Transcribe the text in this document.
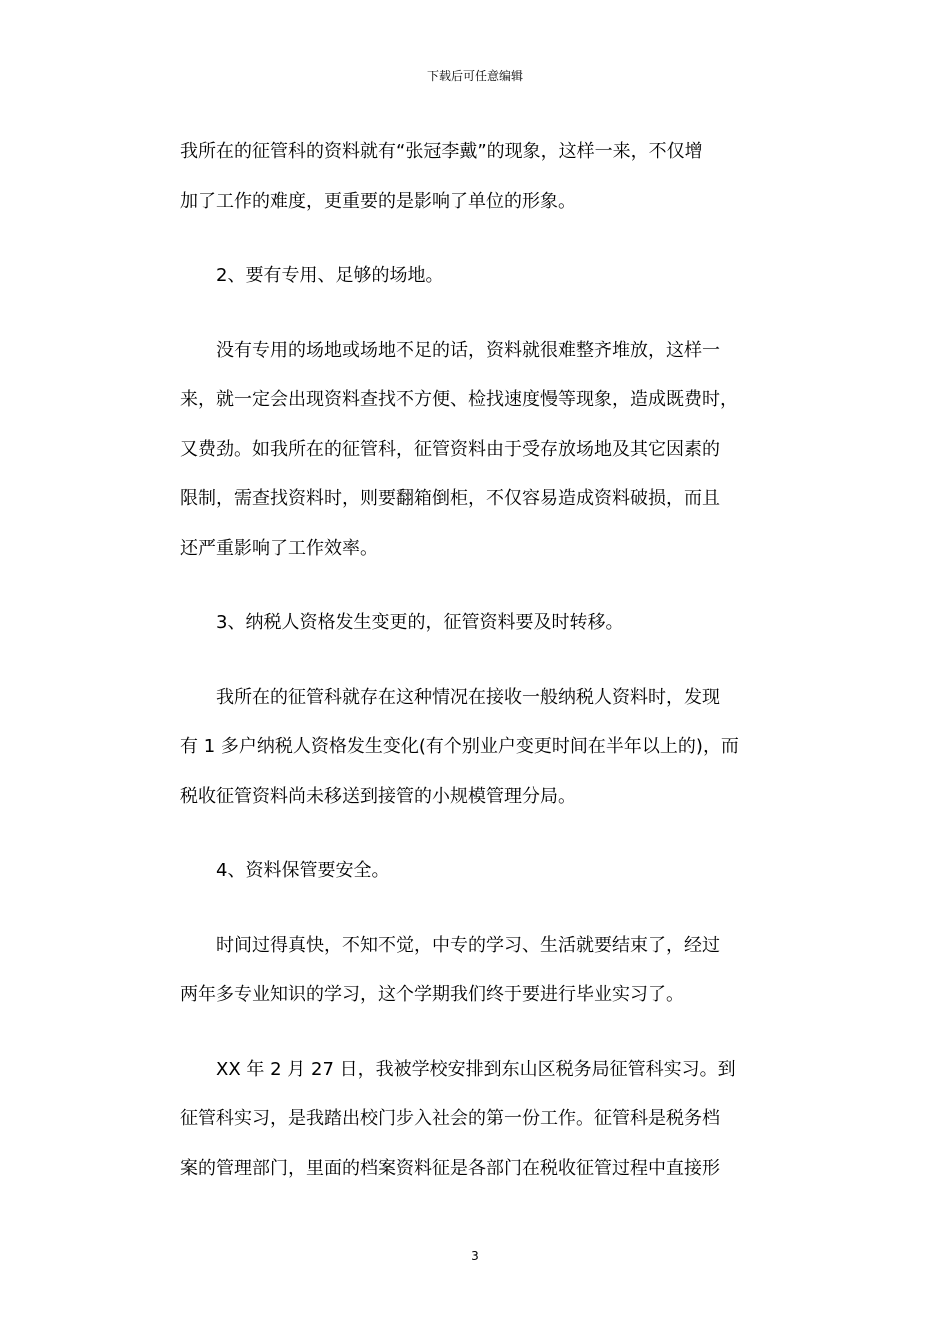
下载后可任意编辑

我所在的征管科的资料就有“张冠李戴”的现象，这样一来，不仅增
加了工作的难度，更重要的是影响了单位的形象。

　　2、要有专用、足够的场地。

　　没有专用的场地或场地不足的话，资料就很难整齐堆放，这样一
来，就一定会出现资料查找不方便、检找速度慢等现象，造成既费时，
又费劲。如我所在的征管科，征管资料由于受存放场地及其它因素的
限制，需查找资料时，则要翻箱倒柜，不仅容易造成资料破损，而且
还严重影响了工作效率。

　　3、纳税人资格发生变更的，征管资料要及时转移。

　　我所在的征管科就存在这种情况在接收一般纳税人资料时，发现
有 1 多户纳税人资格发生变化(有个别业户变更时间在半年以上的)，而
税收征管资料尚未移送到接管的小规模管理分局。

　　4、资料保管要安全。

　　时间过得真快，不知不觉，中专的学习、生活就要结束了，经过
两年多专业知识的学习，这个学期我们终于要进行毕业实习了。

　　XX 年 2 月 27 日，我被学校安排到东山区税务局征管科实习。到
征管科实习，是我踏出校门步入社会的第一份工作。征管科是税务档
案的管理部门，里面的档案资料征是各部门在税收征管过程中直接形

3
